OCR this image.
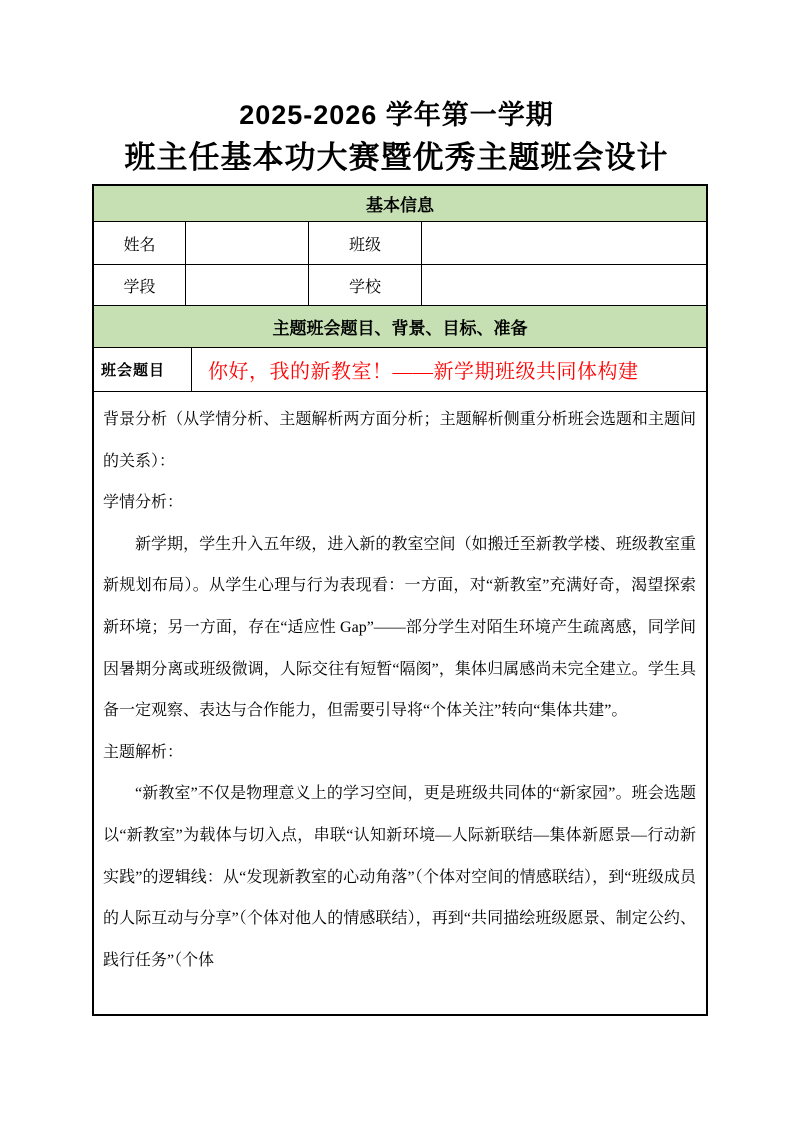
2025-2026 学年第一学期
班主任基本功大赛暨优秀主题班会设计
基本信息
姓名	班级
学段	学校
主题班会题目、背景、目标、准备
班会题目	你好，我的新教室！——新学期班级共同体构建

背景分析（从学情分析、主题解析两方面分析；主题解析侧重分析班会选题和主题间的关系）：

学情分析：

新学期，学生升入五年级，进入新的教室空间（如搬迁至新教学楼、班级教室重新规划布局）。从学生心理与行为表现看：一方面，对“新教室”充满好奇，渴望探索新环境；另一方面，存在“适应性 Gap”——部分学生对陌生环境产生疏离感，同学间因暑期分离或班级微调，人际交往有短暂“隔阂”，集体归属感尚未完全建立。学生具备一定观察、表达与合作能力，但需要引导将“个体关注”转向“集体共建”。

主题解析：

“新教室”不仅是物理意义上的学习空间，更是班级共同体的“新家园”。班会选题以“新教室”为载体与切入点，串联“认知新环境—人际新联结—集体新愿景—行动新实践”的逻辑线：从“发现新教室的心动角落”（个体对空间的情感联结），到“班级成员的人际互动与分享”（个体对他人的情感联结），再到“共同描绘班级愿景、制定公约、践行任务”（个体
